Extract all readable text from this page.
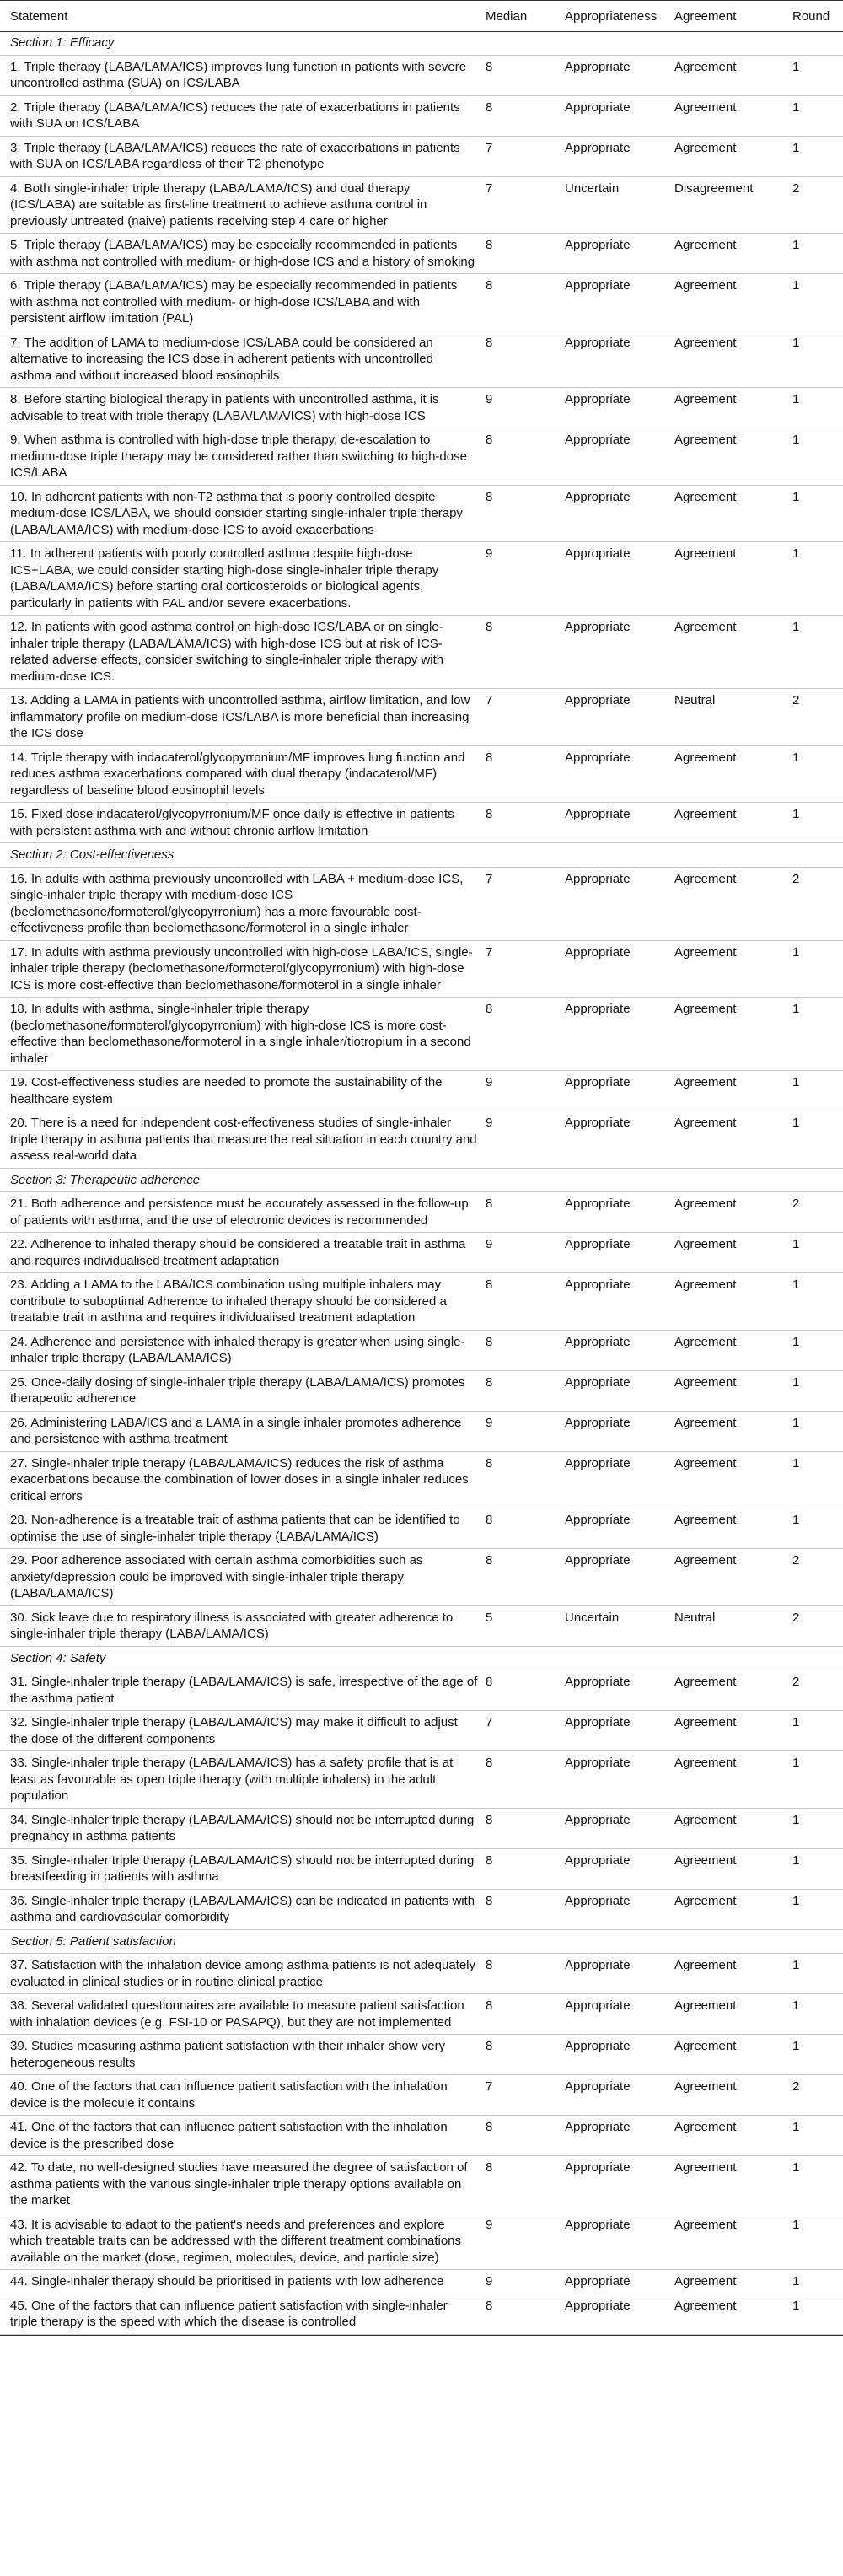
Statement	Median	Appropriateness Agreement	Round
Section 1: Efficacy
1. Triple therapy (LABA/LAMA/ICS) improves lung function in patients with severe uncontrolled asthma (SUA) on ICS/LABA
8	Appropriate	Agreement	1
2. Triple therapy (LABA/LAMA/ICS) reduces the rate of exacerbations in patients with SUA on ICS/LABA
8	Appropriate	Agreement	1
3. Triple therapy (LABA/LAMA/ICS) reduces the rate of exacerbations in patients with SUA on ICS/LABA regardless of their T2 phenotype
7	Appropriate	Agreement	1
4. Both single-inhaler triple therapy (LABA/LAMA/ICS) and dual therapy (ICS/LABA) are suitable as first-line treatment to achieve asthma control in previously untreated (naive) patients receiving step 4 care or higher
7	Uncertain	Disagreement	2
5. Triple therapy (LABA/LAMA/ICS) may be especially recommended in patients with asthma not controlled with medium- or high-dose ICS and a history of smoking
8	Appropriate	Agreement	1
6. Triple therapy (LABA/LAMA/ICS) may be especially recommended in patients with asthma not controlled with medium- or high-dose ICS/LABA and with persistent airflow limitation (PAL)
8	Appropriate	Agreement	1
7. The addition of LAMA to medium-dose ICS/LABA could be considered an alternative to increasing the ICS dose in adherent patients with uncontrolled asthma and without increased blood eosinophils
8	Appropriate	Agreement	1
8. Before starting biological therapy in patients with uncontrolled asthma, it is advisable to treat with triple therapy (LABA/LAMA/ICS) with high-dose ICS
9	Appropriate	Agreement	1
9. When asthma is controlled with high-dose triple therapy, de-escalation to medium-dose triple therapy may be considered rather than switching to high-dose ICS/LABA
8	Appropriate	Agreement	1
10. In adherent patients with non-T2 asthma that is poorly controlled despite medium-dose ICS/LABA, we should consider starting single-inhaler triple therapy (LABA/LAMA/ICS) with medium-dose ICS to avoid exacerbations
8	Appropriate	Agreement	1
11. In adherent patients with poorly controlled asthma despite high-dose ICS+LABA, we could consider starting high-dose single-inhaler triple therapy (LABA/LAMA/ICS) before starting oral corticosteroids or biological agents, particularly in patients with PAL and/or severe exacerbations.
9	Appropriate	Agreement	1
12. In patients with good asthma control on high-dose ICS/LABA or on single-inhaler triple therapy (LABA/LAMA/ICS) with high-dose ICS but at risk of ICS-related adverse effects, consider switching to single-inhaler triple therapy with medium-dose ICS.
8	Appropriate	Agreement	1
13. Adding a LAMA in patients with uncontrolled asthma, airflow limitation, and low inflammatory profile on medium-dose ICS/LABA is more beneficial than increasing the ICS dose
7	Appropriate	Neutral	2
14. Triple therapy with indacaterol/glycopyrronium/MF improves lung function and reduces asthma exacerbations compared with dual therapy (indacaterol/MF) regardless of baseline blood eosinophil levels
8	Appropriate	Agreement	1
15. Fixed dose indacaterol/glycopyrronium/MF once daily is effective in patients with persistent asthma with and without chronic airflow limitation
8	Appropriate	Agreement	1
Section 2: Cost-effectiveness
16. In adults with asthma previously uncontrolled with LABA + medium-dose ICS, single-inhaler triple therapy with medium-dose ICS (beclomethasone/formoterol/glycopyrronium) has a more favourable cost-effectiveness profile than beclomethasone/formoterol in a single inhaler
7	Appropriate	Agreement	2
17. In adults with asthma previously uncontrolled with high-dose LABA/ICS, single-inhaler triple therapy (beclomethasone/formoterol/glycopyrronium) with high-dose ICS is more cost-effective than beclomethasone/formoterol in a single inhaler
7	Appropriate	Agreement	1
18. In adults with asthma, single-inhaler triple therapy (beclomethasone/formoterol/glycopyrronium) with high-dose ICS is more cost-effective than beclomethasone/formoterol in a single inhaler/tiotropium in a second inhaler
8	Appropriate	Agreement	1
19. Cost-effectiveness studies are needed to promote the sustainability of the healthcare system
9	Appropriate	Agreement	1
20. There is a need for independent cost-effectiveness studies of single-inhaler triple therapy in asthma patients that measure the real situation in each country and assess real-world data
9	Appropriate	Agreement	1
Section 3: Therapeutic adherence
21. Both adherence and persistence must be accurately assessed in the follow-up of patients with asthma, and the use of electronic devices is recommended
8	Appropriate	Agreement	2
22. Adherence to inhaled therapy should be considered a treatable trait in asthma and requires individualised treatment adaptation
9	Appropriate	Agreement	1
23. Adding a LAMA to the LABA/ICS combination using multiple inhalers may contribute to suboptimal Adherence to inhaled therapy should be considered a treatable trait in asthma and requires individualised treatment adaptation
8	Appropriate	Agreement	1
24. Adherence and persistence with inhaled therapy is greater when using single-inhaler triple therapy (LABA/LAMA/ICS)
8	Appropriate	Agreement	1
25. Once-daily dosing of single-inhaler triple therapy (LABA/LAMA/ICS) promotes therapeutic adherence
8	Appropriate	Agreement	1
26. Administering LABA/ICS and a LAMA in a single inhaler promotes adherence and persistence with asthma treatment
9	Appropriate	Agreement	1
27. Single-inhaler triple therapy (LABA/LAMA/ICS) reduces the risk of asthma exacerbations because the combination of lower doses in a single inhaler reduces critical errors
8	Appropriate	Agreement	1
28. Non-adherence is a treatable trait of asthma patients that can be identified to optimise the use of single-inhaler triple therapy (LABA/LAMA/ICS)
8	Appropriate	Agreement	1
29. Poor adherence associated with certain asthma comorbidities such as anxiety/depression could be improved with single-inhaler triple therapy (LABA/LAMA/ICS)
8	Appropriate	Agreement	2
30. Sick leave due to respiratory illness is associated with greater adherence to single-inhaler triple therapy (LABA/LAMA/ICS)
5	Uncertain	Neutral	2
Section 4: Safety
31. Single-inhaler triple therapy (LABA/LAMA/ICS) is safe, irrespective of the age of the asthma patient
8	Appropriate	Agreement	2
32. Single-inhaler triple therapy (LABA/LAMA/ICS) may make it difficult to adjust the dose of the different components
7	Appropriate	Agreement	1
33. Single-inhaler triple therapy (LABA/LAMA/ICS) has a safety profile that is at least as favourable as open triple therapy (with multiple inhalers) in the adult population
8	Appropriate	Agreement	1
34. Single-inhaler triple therapy (LABA/LAMA/ICS) should not be interrupted during pregnancy in asthma patients
8	Appropriate	Agreement	1
35. Single-inhaler triple therapy (LABA/LAMA/ICS) should not be interrupted during breastfeeding in patients with asthma
8	Appropriate	Agreement	1
36. Single-inhaler triple therapy (LABA/LAMA/ICS) can be indicated in patients with asthma and cardiovascular comorbidity
8	Appropriate	Agreement	1
Section 5: Patient satisfaction
37. Satisfaction with the inhalation device among asthma patients is not adequately evaluated in clinical studies or in routine clinical practice
8	Appropriate	Agreement	1
38. Several validated questionnaires are available to measure patient satisfaction with inhalation devices (e.g. FSI-10 or PASAPQ), but they are not implemented
8	Appropriate	Agreement	1
39. Studies measuring asthma patient satisfaction with their inhaler show very heterogeneous results
8	Appropriate	Agreement	1
40. One of the factors that can influence patient satisfaction with the inhalation device is the molecule it contains
7	Appropriate	Agreement	2
41. One of the factors that can influence patient satisfaction with the inhalation device is the prescribed dose
8	Appropriate	Agreement	1
42. To date, no well-designed studies have measured the degree of satisfaction of asthma patients with the various single-inhaler triple therapy options available on the market
8	Appropriate	Agreement	1
43. It is advisable to adapt to the patient's needs and preferences and explore which treatable traits can be addressed with the different treatment combinations available on the market (dose, regimen, molecules, device, and particle size)
9	Appropriate	Agreement	1
44. Single-inhaler therapy should be prioritised in patients with low adherence	9	Appropriate	Agreement	1
45. One of the factors that can influence patient satisfaction with single-inhaler triple therapy is the speed with which the disease is controlled
8	Appropriate	Agreement	1
